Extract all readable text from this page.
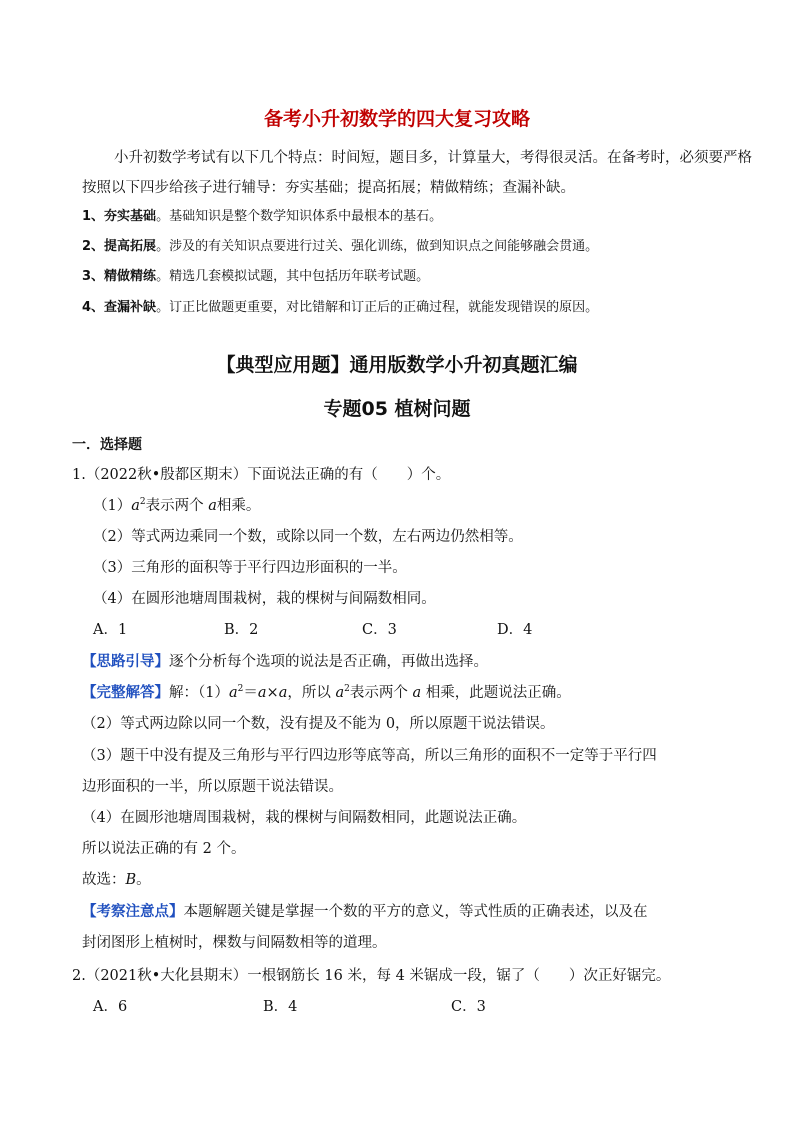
备考小升初数学的四大复习攻略
小升初数学考试有以下几个特点：时间短，题目多，计算量大，考得很灵活。在备考时，必须要严格
按照以下四步给孩子进行辅导：夯实基础；提高拓展；精做精练；查漏补缺。
1、夯实基础。基础知识是整个数学知识体系中最根本的基石。
2、提高拓展。涉及的有关知识点要进行过关、强化训练，做到知识点之间能够融会贯通。
3、精做精练。精选几套模拟试题，其中包括历年联考试题。
4、查漏补缺。订正比做题更重要，对比错解和订正后的正确过程，就能发现错误的原因。
【典型应用题】通用版数学小升初真题汇编
专题05 植树问题
一．选择题
1.（2022秋•殷都区期末）下面说法正确的有（　　）个。
$(1)a^2$表示两个 a相乘。
（2）等式两边乘同一个数，或除以同一个数，左右两边仍然相等。
（3）三角形的面积等于平行四边形面积的一半。
（4）在圆形池塘周围栽树，栽的棵树与间隔数相同。
A．1	B．2	C．3	D．4
【思路引导】逐个分析每个选项的说法是否正确，再做出选择。
【完整解答】解：$(1)a^2=a\times a$，所以 $a^2$表示两个 a 相乘，此题说法正确。
（2）等式两边除以同一个数，没有提及不能为 0，所以原题干说法错误。
（3）题干中没有提及三角形与平行四边形等底等高，所以三角形的面积不一定等于平行四
边形面积的一半，所以原题干说法错误。
（4）在圆形池塘周围栽树，栽的棵树与间隔数相同，此题说法正确。
所以说法正确的有 2 个。
故选：B。
【考察注意点】本题解题关键是掌握一个数的平方的意义，等式性质的正确表述，以及在
封闭图形上植树时，棵数与间隔数相等的道理。
2.（2021秋•大化县期末）一根钢筋长 16 米，每 4 米锯成一段，锯了（　　）次正好锯完。
A．6	B．4	C．3
